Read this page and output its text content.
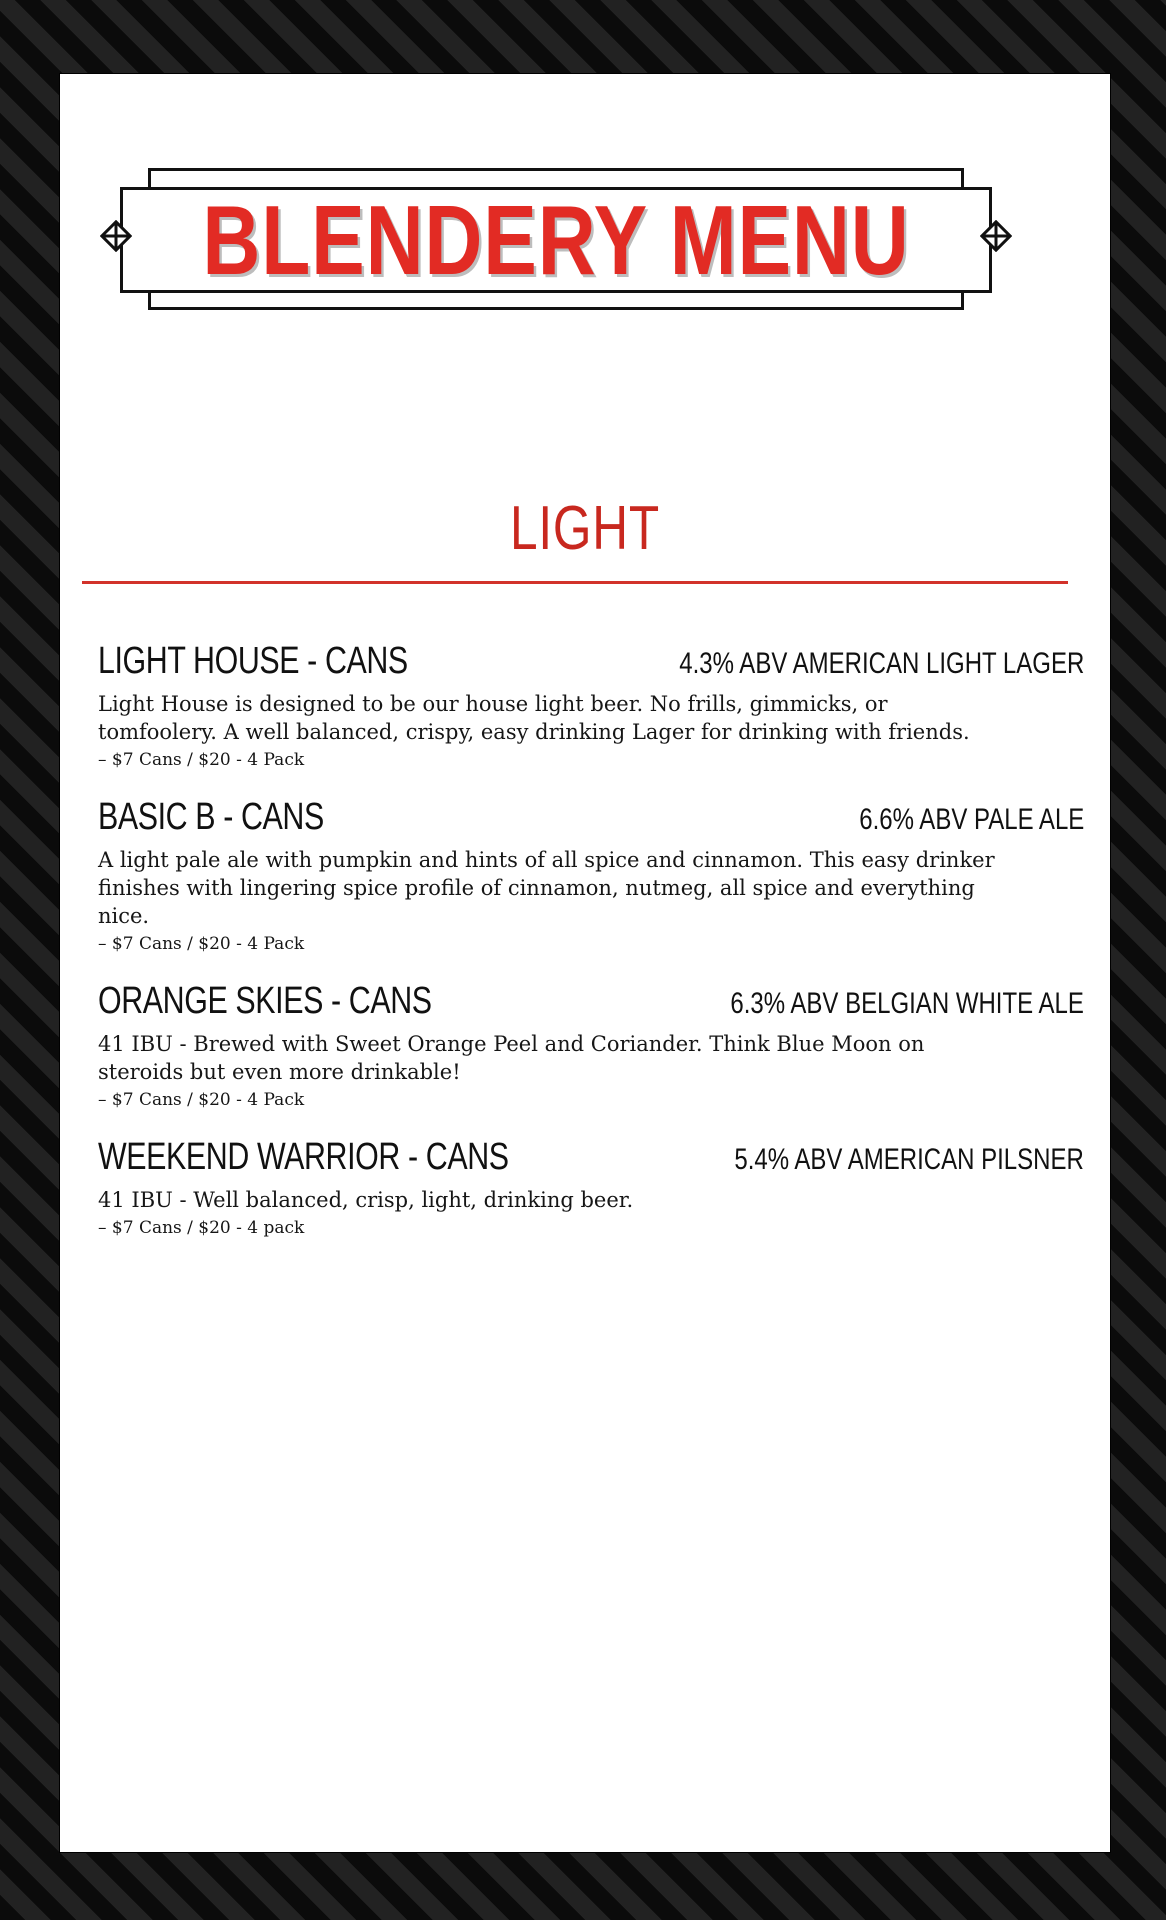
BLENDERY MENU
LIGHT
LIGHT HOUSE - CANS	4.3% ABV AMERICAN LIGHT LAGER

Light House is designed to be our house light beer. No frills, gimmicks, or tomfoolery. A well balanced, crispy, easy drinking Lager for drinking with friends.

– $7 Cans / $20 - 4 Pack

BASIC B - CANS	6.6% ABV PALE ALE

A light pale ale with pumpkin and hints of all spice and cinnamon. This easy drinker finishes with lingering spice profile of cinnamon, nutmeg, all spice and everything nice.

– $7 Cans / $20 - 4 Pack

ORANGE SKIES - CANS	6.3% ABV BELGIAN WHITE ALE

41 IBU - Brewed with Sweet Orange Peel and Coriander. Think Blue Moon on steroids but even more drinkable!

– $7 Cans / $20 - 4 Pack

WEEKEND WARRIOR - CANS	5.4% ABV AMERICAN PILSNER

41 IBU - Well balanced, crisp, light, drinking beer.

– $7 Cans / $20 - 4 pack
